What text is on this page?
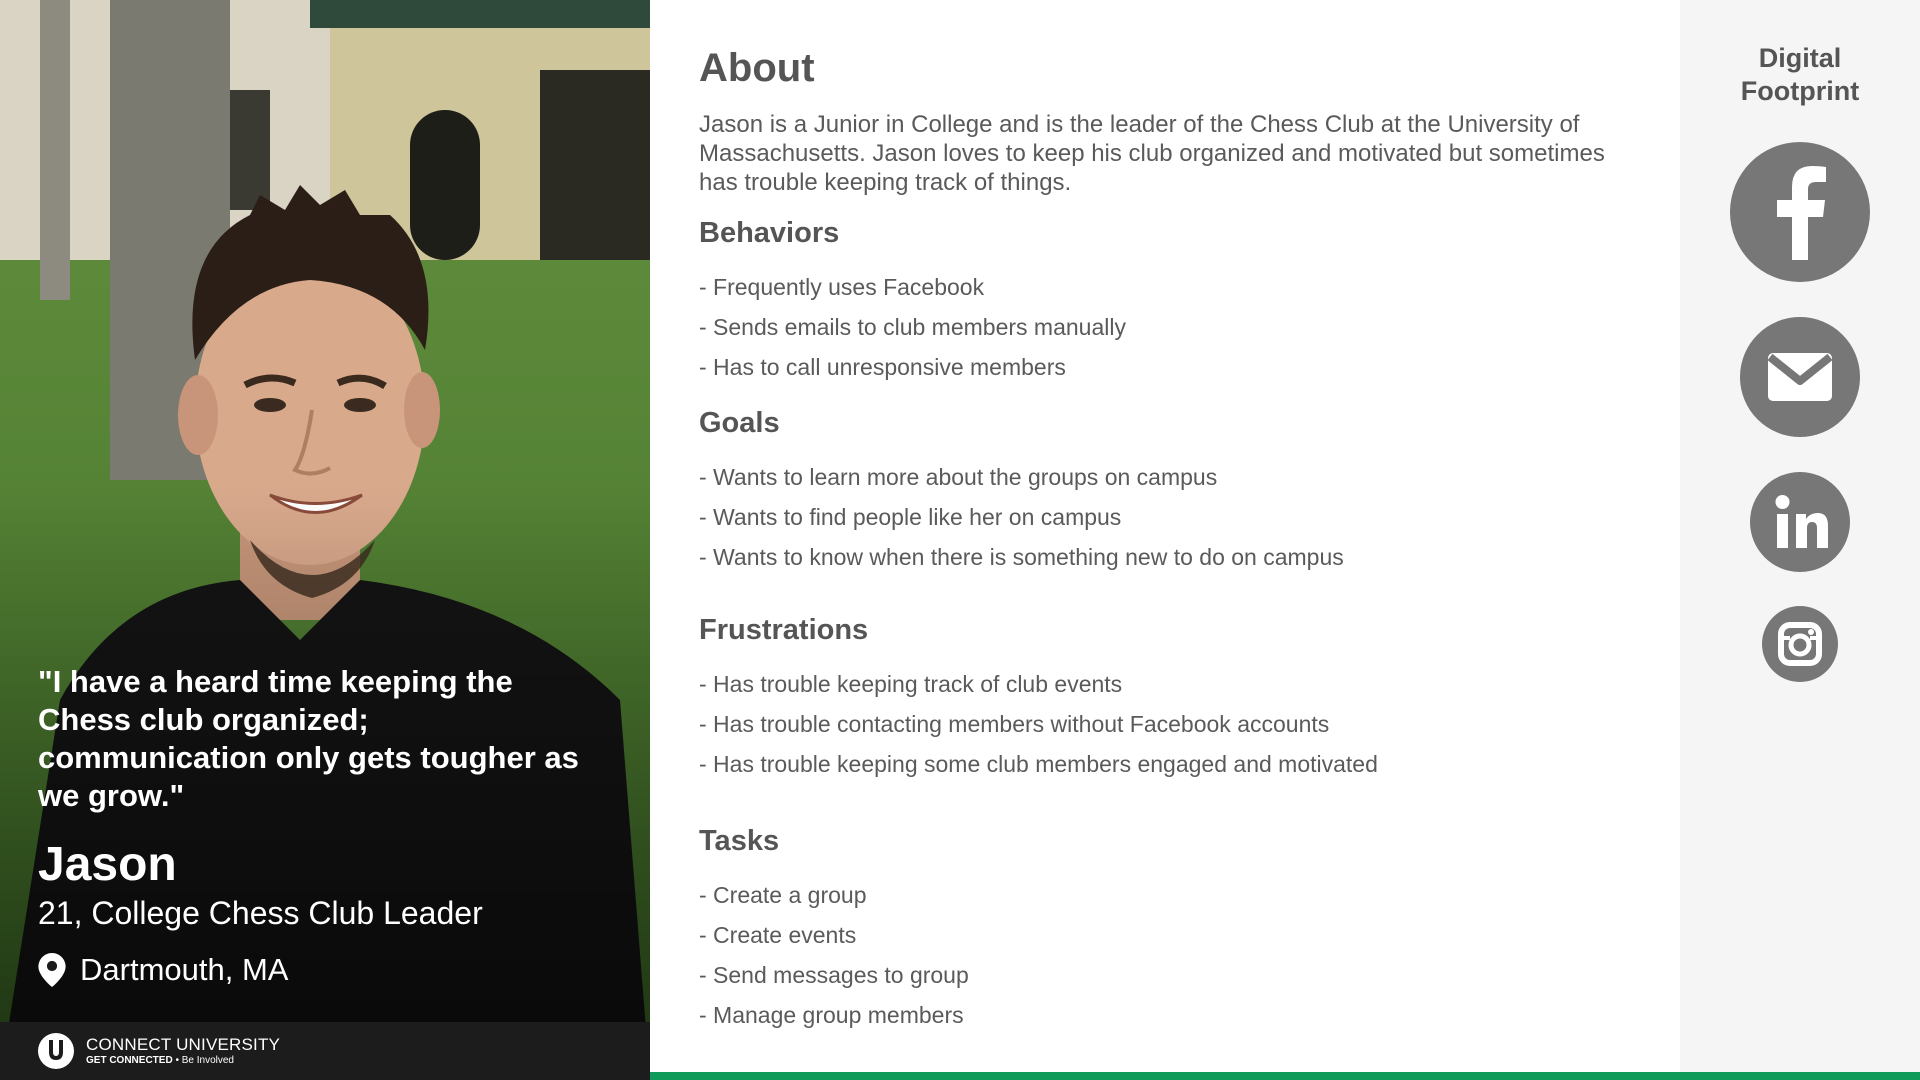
"I have a heard time keeping the Chess club organized; communication only gets tougher as we grow."

Jason
21, College Chess Club Leader
Dartmouth, MA
CONNECT UNIVERSITY
GET CONNECTED • Be Involved
About

Jason is a Junior in College and is the leader of the Chess Club at the University of Massachusetts. Jason loves to keep his club organized and motivated but sometimes has trouble keeping track of things.

Behaviors

- Frequently uses Facebook

- Sends emails to club members manually

- Has to call unresponsive members

Goals

- Wants to learn more about the groups on campus

- Wants to find people like her on campus

- Wants to know when there is something new to do on campus

Frustrations

- Has trouble keeping track of club events

- Has trouble contacting members without Facebook accounts

- Has trouble keeping some club members engaged and motivated

Tasks

- Create a group

- Create events

- Send messages to group

- Manage group members

Digital
Footprint
